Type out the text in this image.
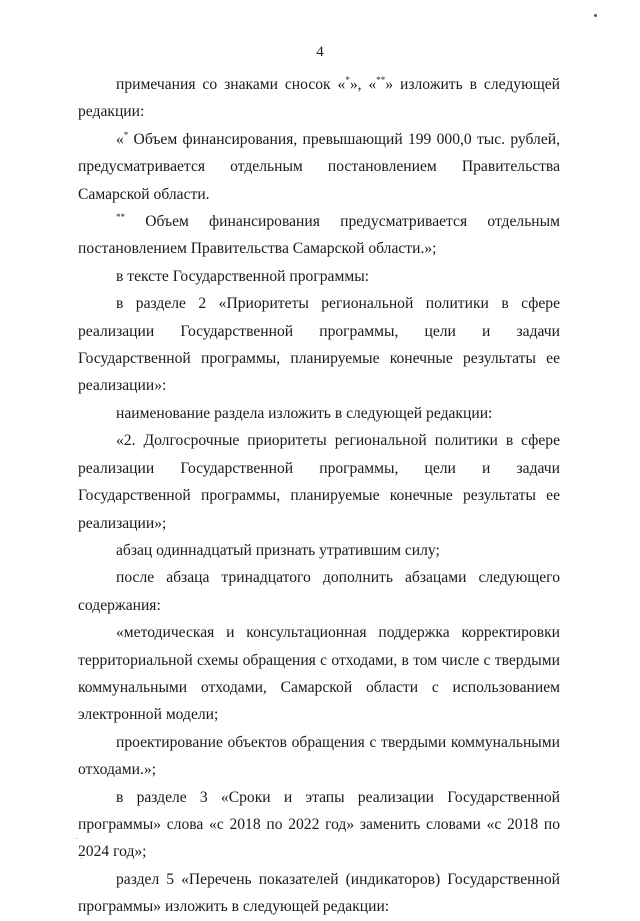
4

примечания со знаками сносок «*», «**» изложить в следующей редакции:

«* Объем финансирования, превышающий 199 000,0 тыс. рублей, предусматривается отдельным постановлением Правительства Самарской области.

** Объем финансирования предусматривается отдельным постановлением Правительства Самарской области.»;

в тексте Государственной программы:

в разделе 2 «Приоритеты региональной политики в сфере реализации Государственной программы, цели и задачи Государственной программы, планируемые конечные результаты ее реализации»:

наименование раздела изложить в следующей редакции:

«2. Долгосрочные приоритеты региональной политики в сфере реализации Государственной программы, цели и задачи Государственной программы, планируемые конечные результаты ее реализации»;

абзац одиннадцатый признать утратившим силу;

после абзаца тринадцатого дополнить абзацами следующего содержания:

«методическая и консультационная поддержка корректировки территориальной схемы обращения с отходами, в том числе с твердыми коммунальными отходами, Самарской области с использованием электронной модели;

проектирование объектов обращения с твердыми коммунальными отходами.»;

в разделе 3 «Сроки и этапы реализации Государственной программы» слова «с 2018 по 2022 год» заменить словами «с 2018 по 2024 год»;

раздел 5 «Перечень показателей (индикаторов) Государственной программы» изложить в следующей редакции:
